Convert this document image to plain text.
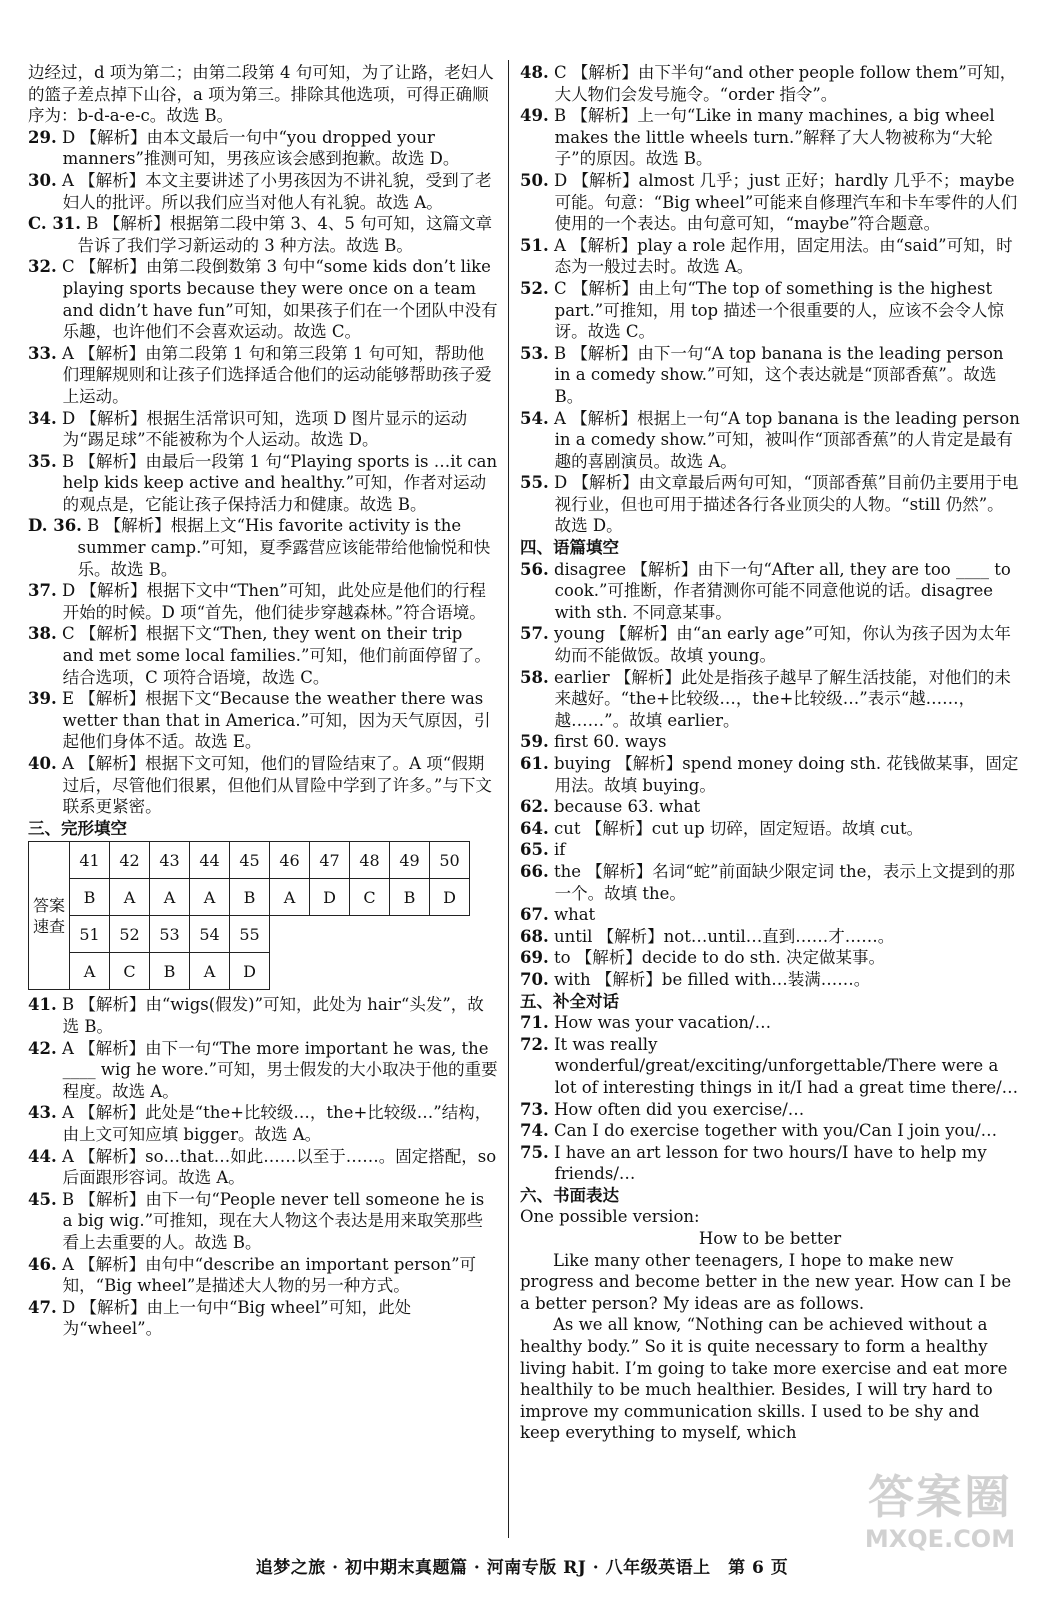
边经过，d 项为第二；由第二段第 4 句可知，为了让路，老妇人的篮子差点掉下山谷，a 项为第三。排除其他选项，可得正确顺序为：b-d-a-e-c。故选 B。

29. D 【解析】由本文最后一句中“you dropped your manners”推测可知，男孩应该会感到抱歉。故选 D。

30. A 【解析】本文主要讲述了小男孩因为不讲礼貌，受到了老妇人的批评。所以我们应当对他人有礼貌。故选 A。

C. 31. B 【解析】根据第二段中第 3、4、5 句可知，这篇文章告诉了我们学习新运动的 3 种方法。故选 B。

32. C 【解析】由第二段倒数第 3 句中“some kids don’t like playing sports because they were once on a team and didn’t have fun”可知，如果孩子们在一个团队中没有乐趣，也许他们不会喜欢运动。故选 C。

33. A 【解析】由第二段第 1 句和第三段第 1 句可知，帮助他们理解规则和让孩子们选择适合他们的运动能够帮助孩子爱上运动。

34. D 【解析】根据生活常识可知，选项 D 图片显示的运动为“踢足球”不能被称为个人运动。故选 D。

35. B 【解析】由最后一段第 1 句“Playing sports is …it can help kids keep active and healthy.”可知，作者对运动的观点是，它能让孩子保持活力和健康。故选 B。

D. 36. B 【解析】根据上文“His favorite activity is the summer camp.”可知，夏季露营应该能带给他愉悦和快乐。故选 B。

37. D 【解析】根据下文中“Then”可知，此处应是他们的行程开始的时候。D 项“首先，他们徒步穿越森林。”符合语境。

38. C 【解析】根据下文“Then, they went on their trip and met some local families.”可知，他们前面停留了。结合选项，C 项符合语境，故选 C。

39. E 【解析】根据下文“Because the weather there was wetter than that in America.”可知，因为天气原因，引起他们身体不适。故选 E。

40. A 【解析】根据下文可知，他们的冒险结束了。A 项“假期过后，尽管他们很累，但他们从冒险中学到了许多。”与下文联系更紧密。

三、完形填空

答案速查	41	42	43	44	45	46	47	48	49	50
	B	A	A	A	B	A	D	C	B	D
	51	52	53	54	55					
	A	C	B	A	D					

41. B 【解析】由“wigs(假发)”可知，此处为 hair“头发”，故选 B。

42. A 【解析】由下一句“The more important he was, the ____ wig he wore.”可知，男士假发的大小取决于他的重要程度。故选 A。

43. A 【解析】此处是“the+比较级…，the+比较级…”结构，由上文可知应填 bigger。故选 A。

44. A 【解析】so…that…如此……以至于……。固定搭配，so 后面跟形容词。故选 A。

45. B 【解析】由下一句“People never tell someone he is a big wig.”可推知，现在大人物这个表达是用来取笑那些看上去重要的人。故选 B。

46. A 【解析】由句中“describe an important person”可知，“Big wheel”是描述大人物的另一种方式。

47. D 【解析】由上一句中“Big wheel”可知，此处为“wheel”。

48. C 【解析】由下半句“and other people follow them”可知，大人物们会发号施令。“order 指令”。

49. B 【解析】上一句“Like in many machines, a big wheel makes the little wheels turn.”解释了大人物被称为“大轮子”的原因。故选 B。

50. D 【解析】almost 几乎；just 正好；hardly 几乎不；maybe 可能。句意：“Big wheel”可能来自修理汽车和卡车零件的人们使用的一个表达。由句意可知，“maybe”符合题意。

51. A 【解析】play a role 起作用，固定用法。由“said”可知，时态为一般过去时。故选 A。

52. C 【解析】由上句“The top of something is the highest part.”可推知，用 top 描述一个很重要的人，应该不会令人惊讶。故选 C。

53. B 【解析】由下一句“A top banana is the leading person in a comedy show.”可知，这个表达就是“顶部香蕉”。故选 B。

54. A 【解析】根据上一句“A top banana is the leading person in a comedy show.”可知，被叫作“顶部香蕉”的人肯定是最有趣的喜剧演员。故选 A。

55. D 【解析】由文章最后两句可知，“顶部香蕉”目前仍主要用于电视行业，但也可用于描述各行各业顶尖的人物。“still 仍然”。故选 D。

四、语篇填空

56. disagree 【解析】由下一句“After all, they are too ____ to cook.”可推断，作者猜测你可能不同意他说的话。disagree with sth. 不同意某事。

57. young 【解析】由“an early age”可知，你认为孩子因为太年幼而不能做饭。故填 young。

58. earlier 【解析】此处是指孩子越早了解生活技能，对他们的未来越好。“the+比较级…，the+比较级…”表示“越……，越……”。故填 earlier。

59. first 60. ways

61. buying 【解析】spend money doing sth. 花钱做某事，固定用法。故填 buying。

62. because 63. what

64. cut 【解析】cut up 切碎，固定短语。故填 cut。

65. if

66. the 【解析】名词“蛇”前面缺少限定词 the，表示上文提到的那一个。故填 the。

67. what

68. until 【解析】not…until…直到……才……。

69. to 【解析】decide to do sth. 决定做某事。

70. with 【解析】be filled with…装满……。

五、补全对话

71. How was your vacation/…

72. It was really wonderful/great/exciting/unforgettable/There were a lot of interesting things in it/I had a great time there/…

73. How often did you exercise/…

74. Can I do exercise together with you/Can I join you/…

75. I have an art lesson for two hours/I have to help my friends/…

六、书面表达

One possible version:

How to be better

Like many other teenagers, I hope to make new progress and become better in the new year. How can I be a better person? My ideas are as follows.

As we all know, “Nothing can be achieved without a healthy body.” So it is quite necessary to form a healthy living habit. I’m going to take more exercise and eat more healthily to be much healthier. Besides, I will try hard to improve my communication skills. I used to be shy and keep everything to myself, which

追梦之旅 · 初中期末真题篇 · 河南专版 RJ · 八年级英语上　第 6 页
答案圈
MXQE.COM
